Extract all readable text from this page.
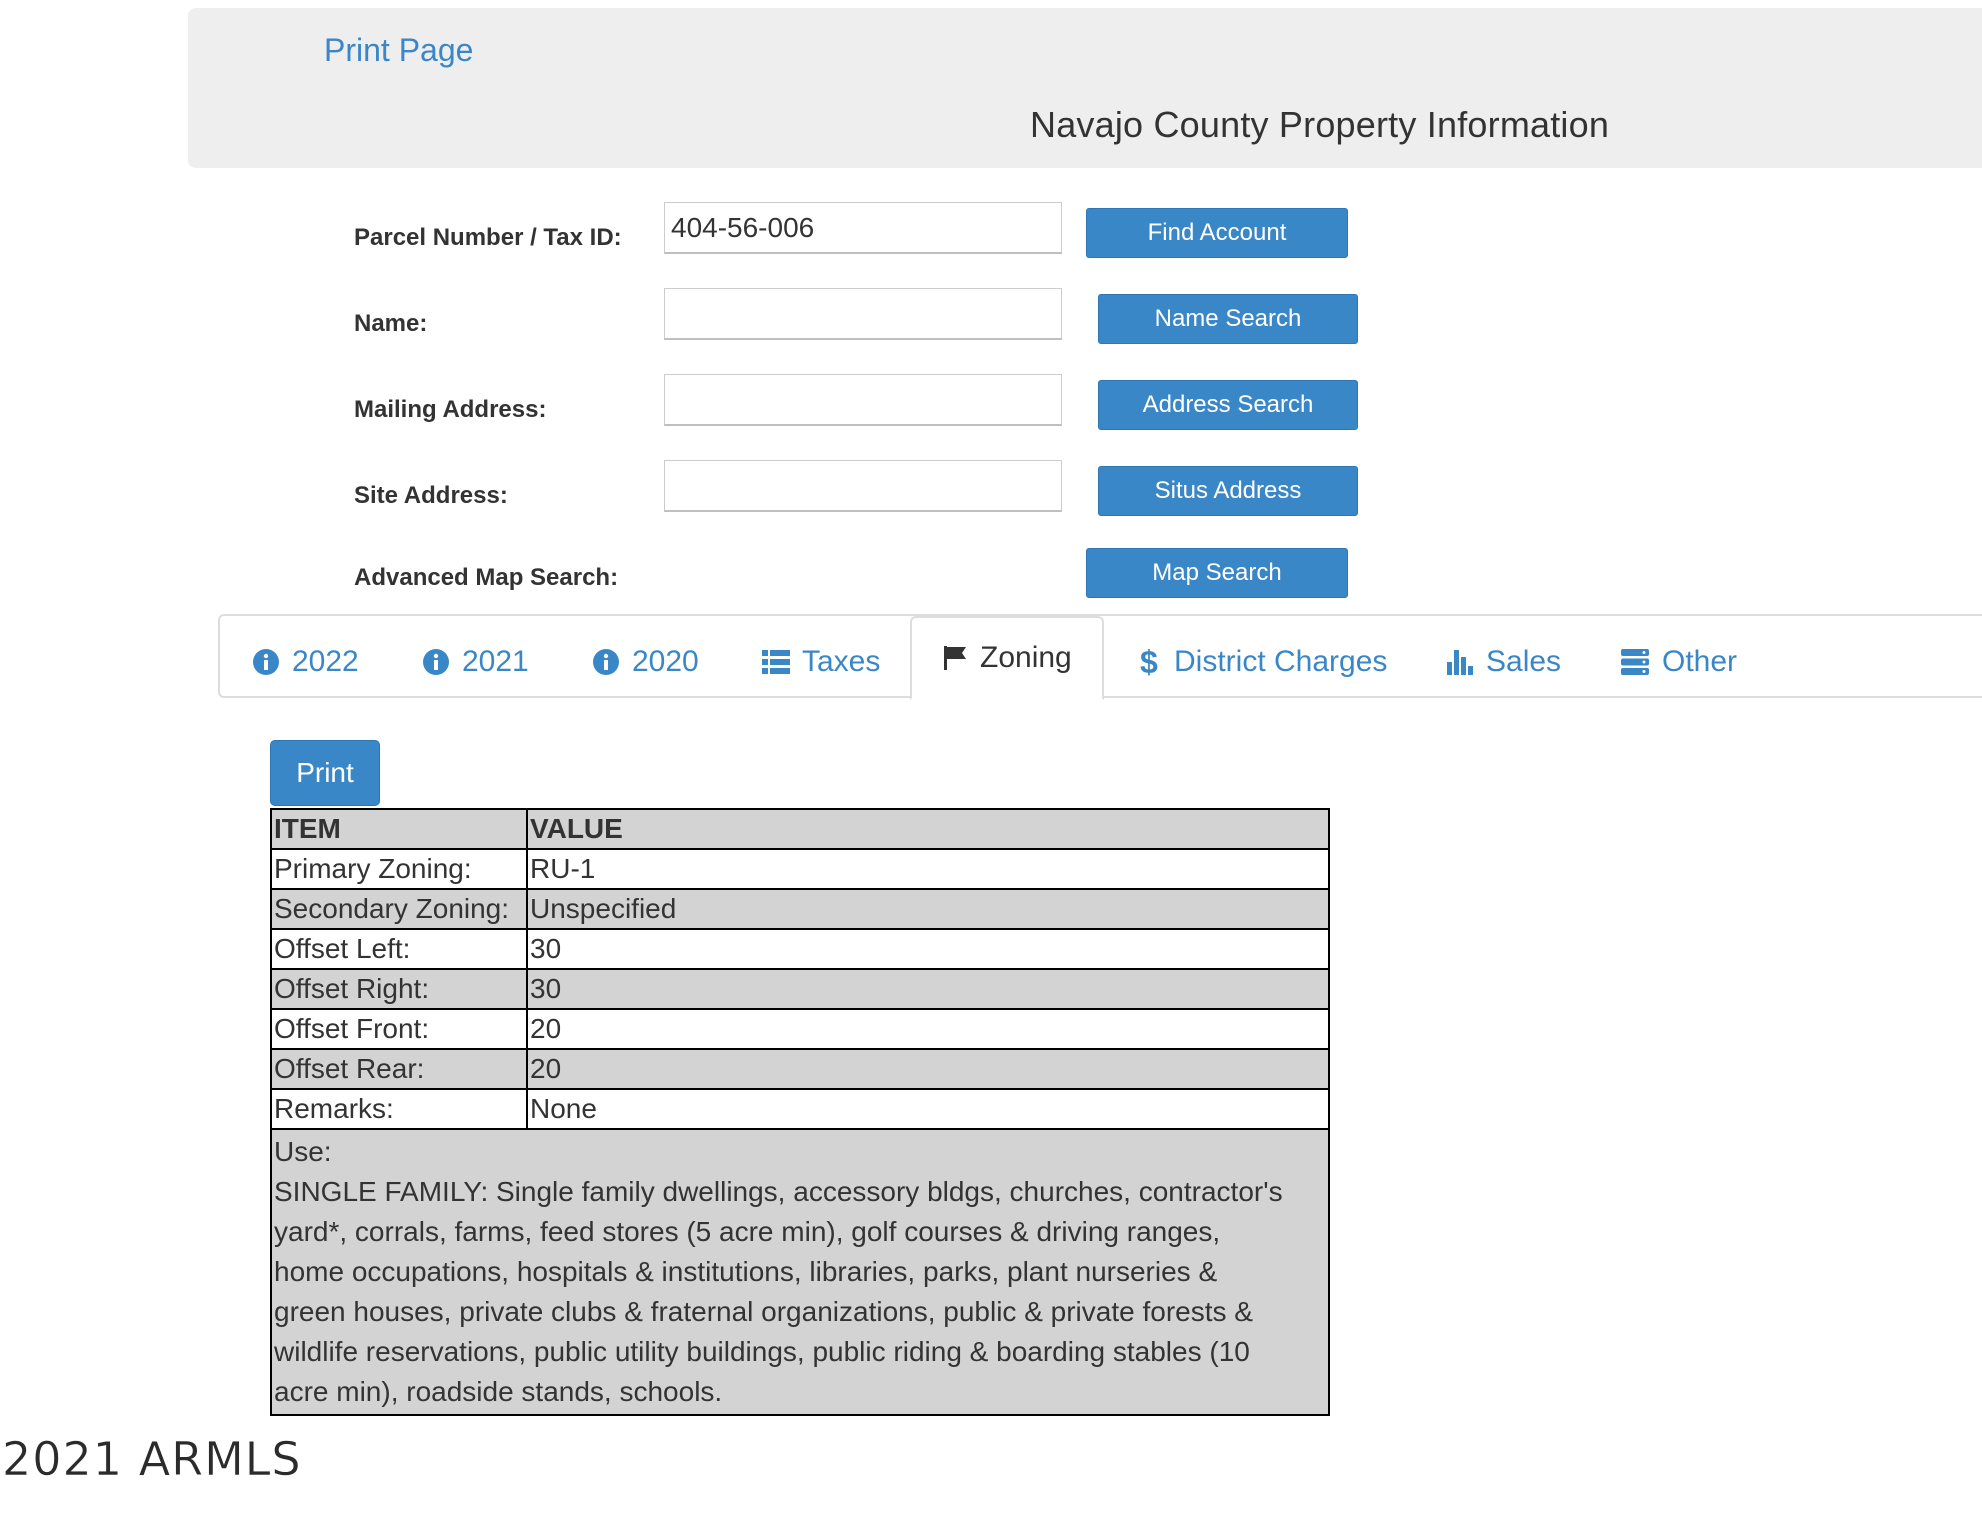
Print Page
Navajo County Property Information
Parcel Number / Tax ID:
404-56-006	Find Account
Name:	Name Search
Mailing Address:	Address Search
Site Address:	Situs Address
Advanced Map Search:	Map Search
2022	2021	2020	Taxes	Zoning $ District Charges	Sales	Other
Print
ITEM	VALUE
Primary Zoning:	RU-1
Secondary Zoning:	Unspecified
Offset Left:	30
Offset Right:	30
Offset Front:	20
Offset Rear:	20
Remarks:	None

Use:
SINGLE FAMILY: Single family dwellings, accessory bldgs, churches, contractor's yard*, corrals, farms, feed stores (5 acre min), golf courses & driving ranges, home occupations, hospitals & institutions, libraries, parks, plant nurseries & green houses, private clubs & fraternal organizations, public & private forests & wildlife reservations, public utility buildings, public riding & boarding stables (10 acre min), roadside stands, schools.	
2021 ARMLS
